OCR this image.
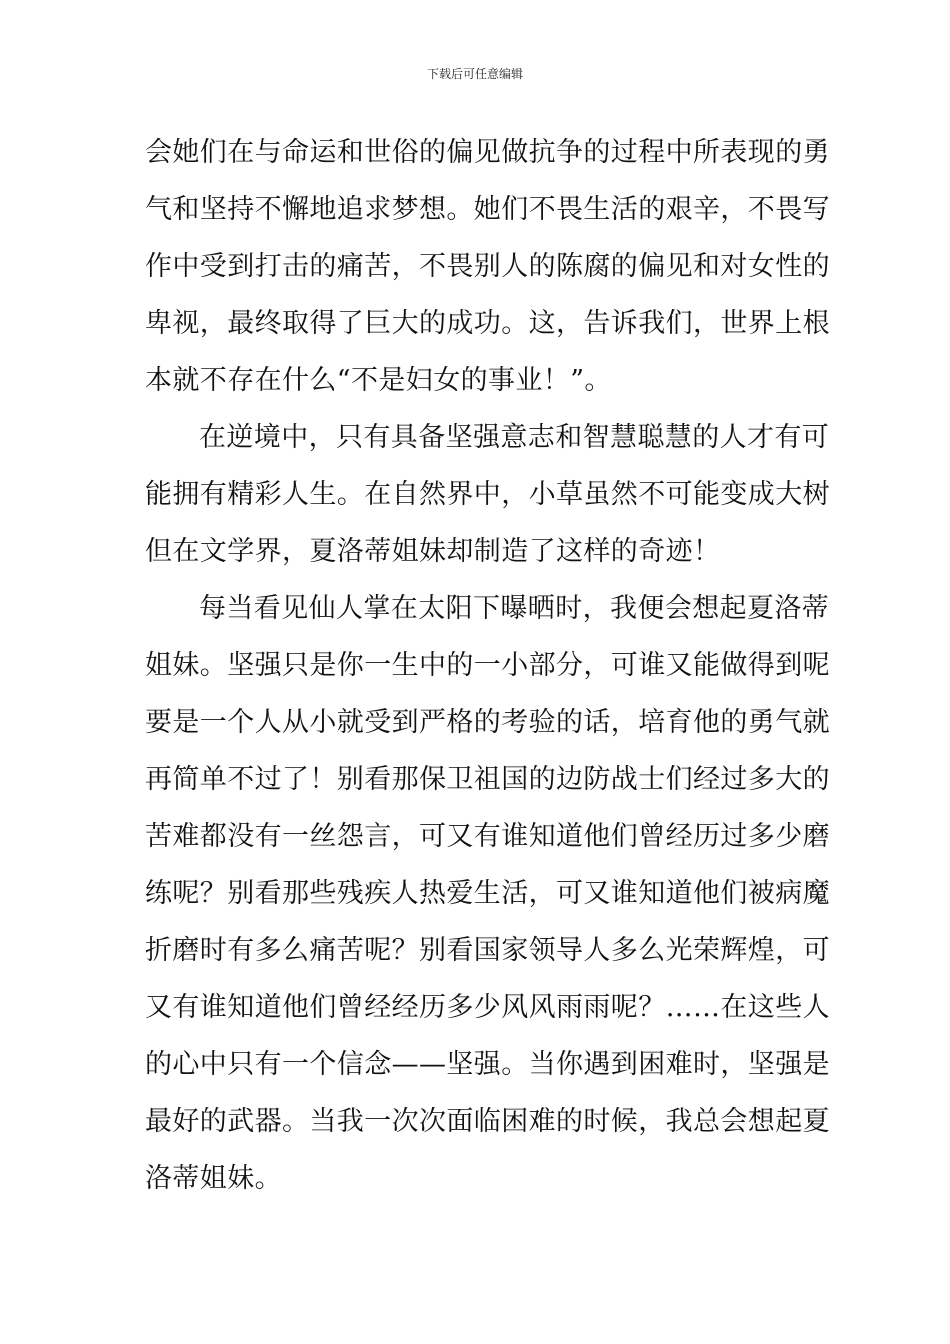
下载后可任意编辑
会她们在与命运和世俗的偏见做抗争的过程中所表现的勇
气和坚持不懈地追求梦想。她们不畏生活的艰辛，不畏写
作中受到打击的痛苦，不畏别人的陈腐的偏见和对女性的
卑视，最终取得了巨大的成功。这，告诉我们，世界上根
本就不存在什么“不是妇女的事业！”。
在逆境中，只有具备坚强意志和智慧聪慧的人才有可
能拥有精彩人生。在自然界中，小草虽然不可能变成大树
但在文学界，夏洛蒂姐妹却制造了这样的奇迹！
每当看见仙人掌在太阳下曝晒时，我便会想起夏洛蒂
姐妹。坚强只是你一生中的一小部分，可谁又能做得到呢
要是一个人从小就受到严格的考验的话，培育他的勇气就
再简单不过了！别看那保卫祖国的边防战士们经过多大的
苦难都没有一丝怨言，可又有谁知道他们曾经历过多少磨
练呢？别看那些残疾人热爱生活，可又谁知道他们被病魔
折磨时有多么痛苦呢？别看国家领导人多么光荣辉煌，可
又有谁知道他们曾经经历多少风风雨雨呢？……在这些人
的心中只有一个信念——坚强。当你遇到困难时，坚强是
最好的武器。当我一次次面临困难的时候，我总会想起夏
洛蒂姐妹。
